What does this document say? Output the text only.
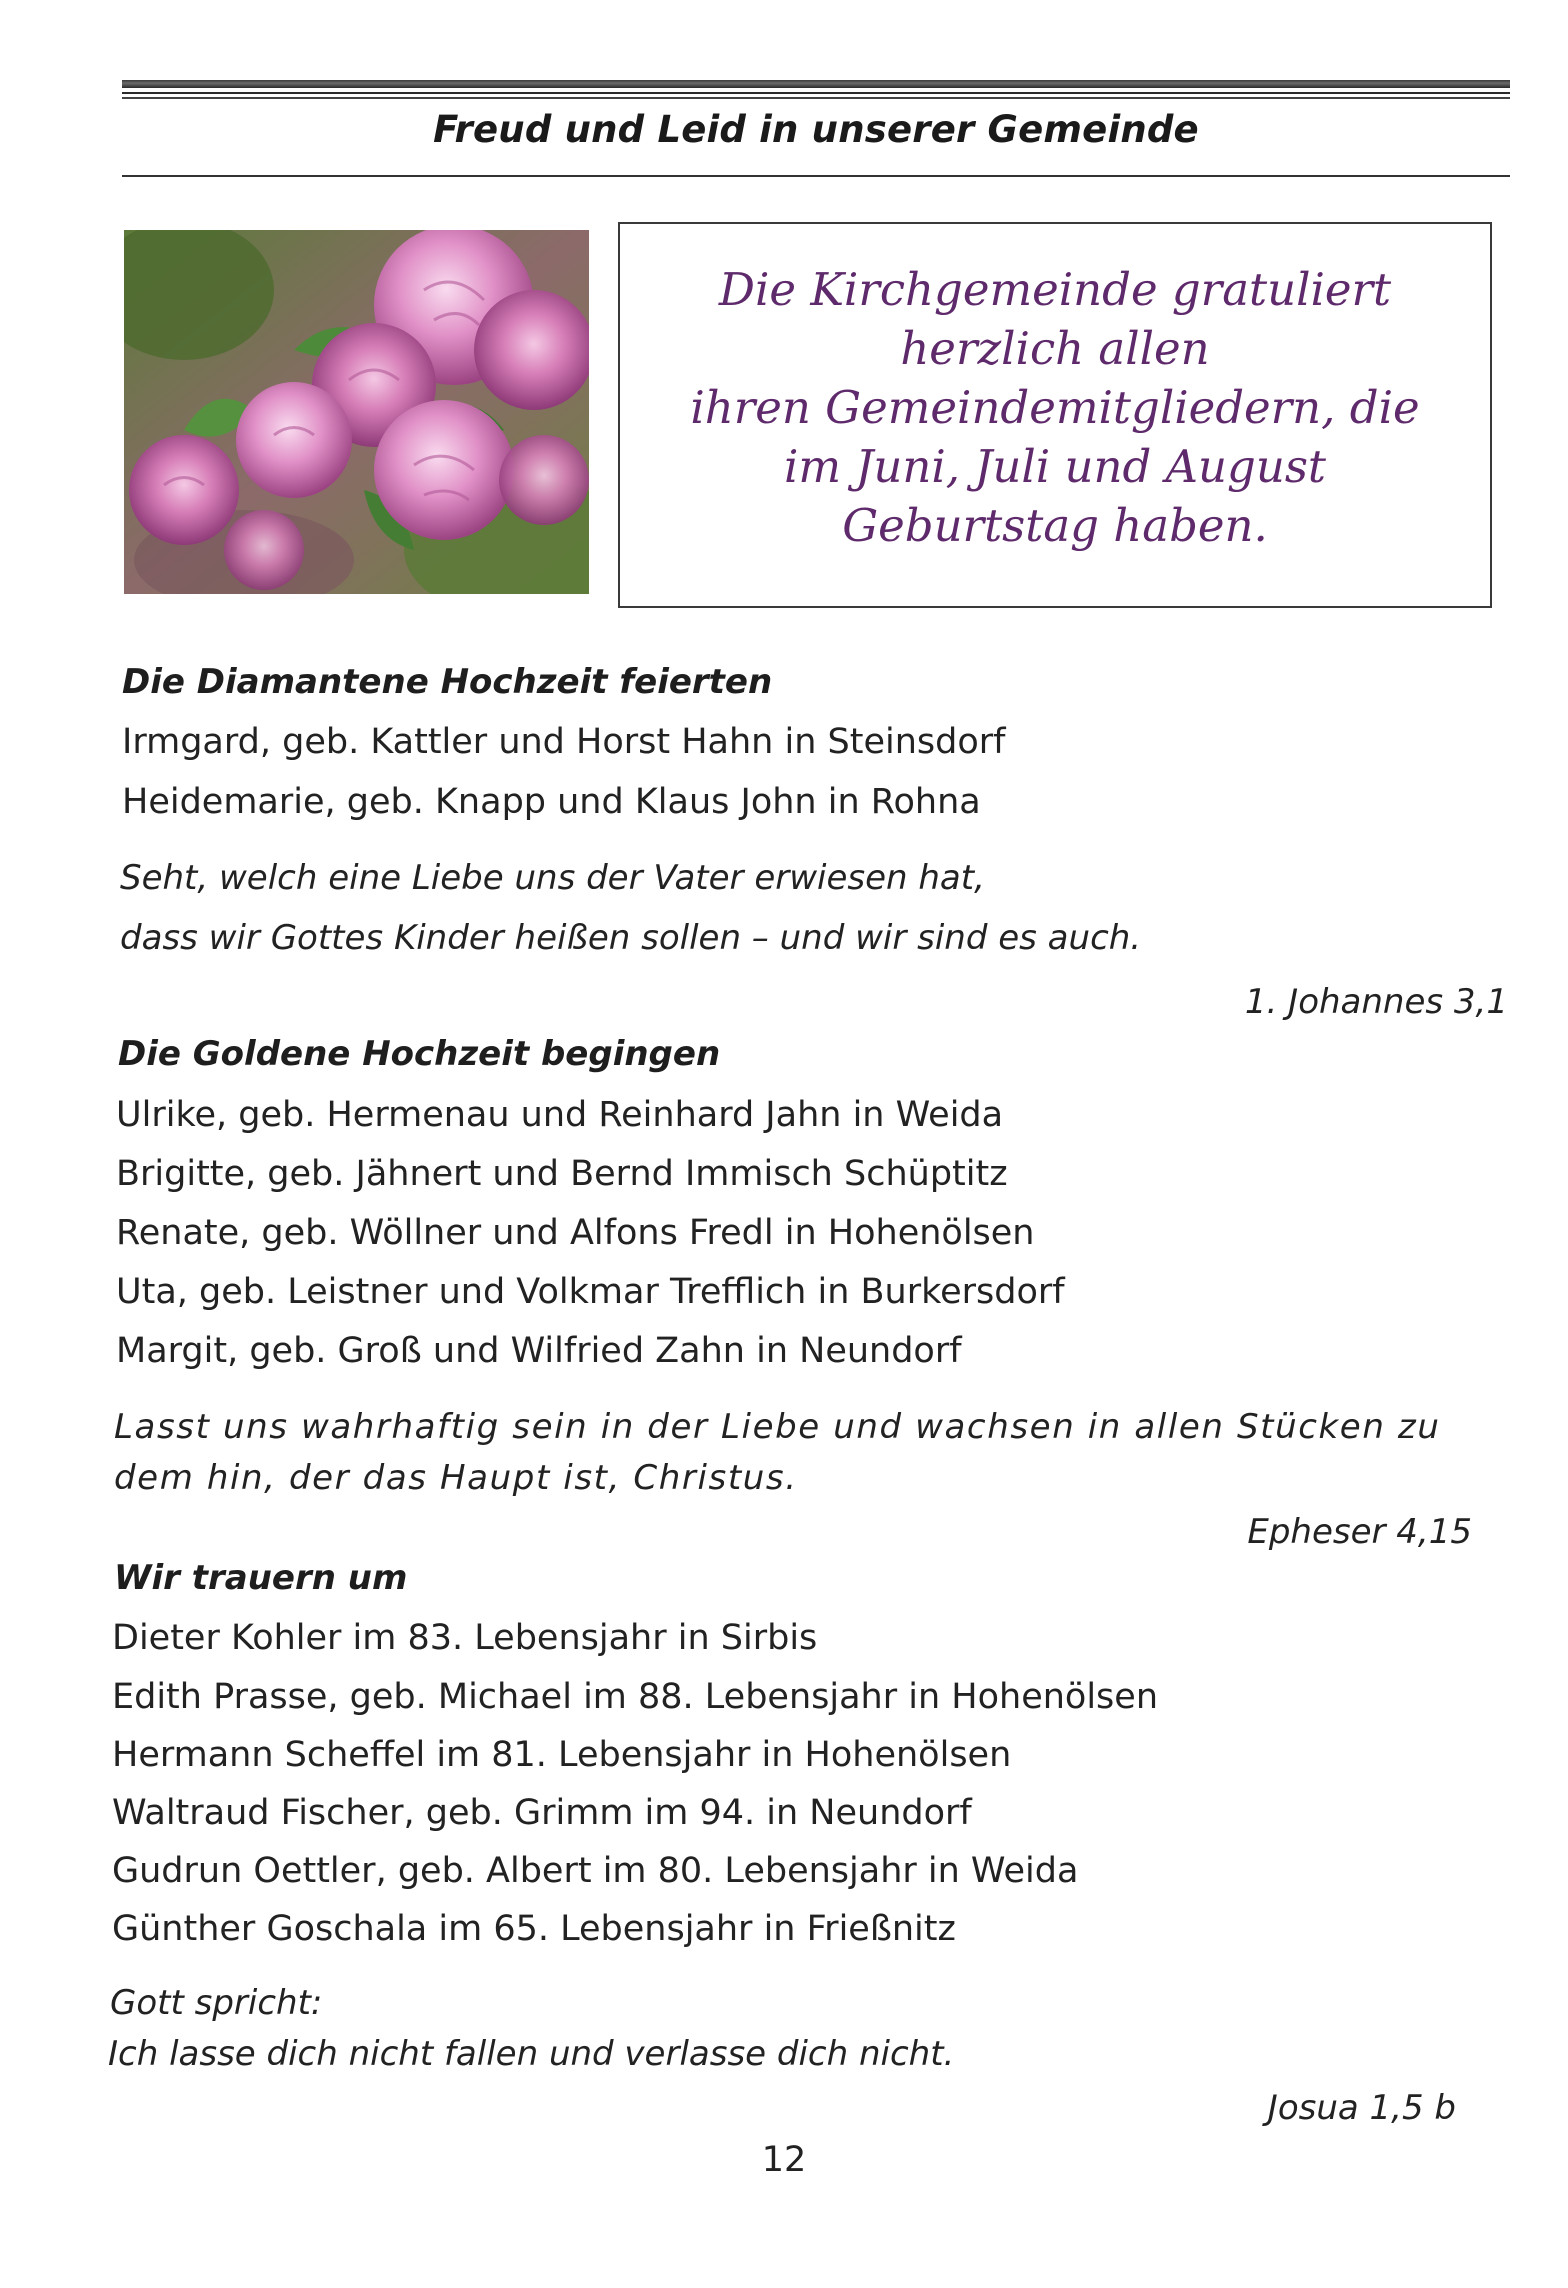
Freud und Leid in unserer Gemeinde
Die Kirchgemeinde gratuliert
herzlich allen
ihren Gemeindemitgliedern, die
im Juni, Juli und August
Geburtstag haben.
Die Diamantene Hochzeit feierten
Irmgard, geb. Kattler und Horst Hahn in Steinsdorf
Heidemarie, geb. Knapp und Klaus John in Rohna
Seht, welch eine Liebe uns der Vater erwiesen hat,
dass wir Gottes Kinder heißen sollen – und wir sind es auch.
1. Johannes 3,1
Die Goldene Hochzeit begingen
Ulrike, geb. Hermenau und Reinhard Jahn in Weida
Brigitte, geb. Jähnert und Bernd Immisch Schüptitz
Renate, geb. Wöllner und Alfons Fredl in Hohenölsen
Uta, geb. Leistner und Volkmar Trefflich in Burkersdorf
Margit, geb. Groß und Wilfried Zahn in Neundorf
Lasst uns wahrhaftig sein in der Liebe und wachsen in allen Stücken zu
dem hin, der das Haupt ist, Christus.
Epheser 4,15
Wir trauern um
Dieter Kohler im 83. Lebensjahr in Sirbis
Edith Prasse, geb. Michael im 88. Lebensjahr in Hohenölsen
Hermann Scheffel im 81. Lebensjahr in Hohenölsen
Waltraud Fischer, geb. Grimm im 94. in Neundorf
Gudrun Oettler, geb. Albert im 80. Lebensjahr in Weida
Günther Goschala im 65. Lebensjahr in Frießnitz
Gott spricht:
Ich lasse dich nicht fallen und verlasse dich nicht.
Josua 1,5 b
12
